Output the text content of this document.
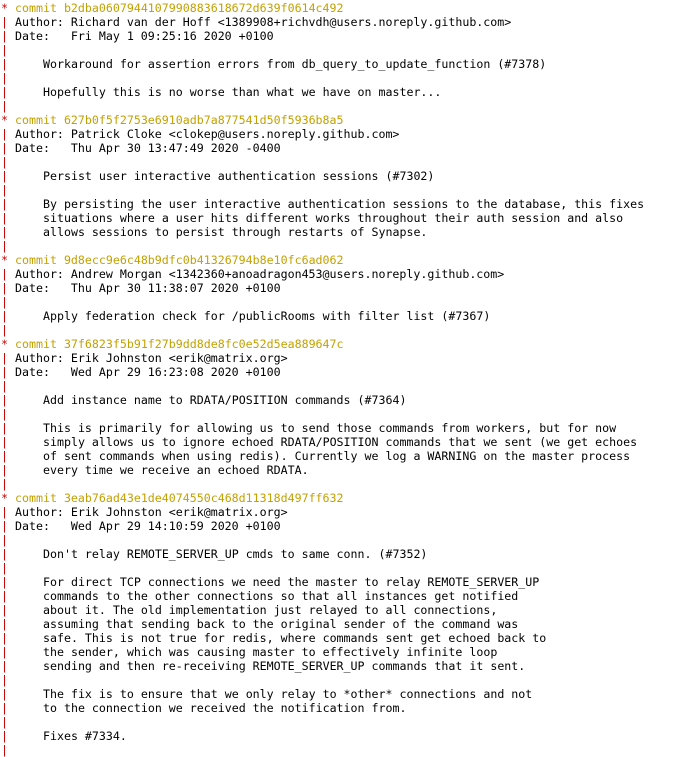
* commit b2dba0607944107990883618672d639f0614c492
| Author: Richard van der Hoff <1389908+richvdh@users.noreply.github.com>
| Date:   Fri May 1 09:25:16 2020 +0100
|
|	Workaround for assertion errors from db_query_to_update_function (#7378)
|
|	Hopefully this is no worse than what we have on master...
|
* commit 627b0f5f2753e6910adb7a877541d50f5936b8a5
| Author: Patrick Cloke <clokep@users.noreply.github.com>
| Date:   Thu Apr 30 13:47:49 2020 -0400
|
|	Persist user interactive authentication sessions (#7302)
|
|	By persisting the user interactive authentication sessions to the database, this fixes
|	situations where a user hits different works throughout their auth session and also
|	allows sessions to persist through restarts of Synapse.
|
* commit 9d8ecc9e6c48b9dfc0b41326794b8e10fc6ad062
| Author: Andrew Morgan <1342360+anoadragon453@users.noreply.github.com>
| Date:   Thu Apr 30 11:38:07 2020 +0100
|
|	Apply federation check for /publicRooms with filter list (#7367)
|
* commit 37f6823f5b91f27b9dd8de8fc0e52d5ea889647c
| Author: Erik Johnston <erik@matrix.org>
| Date:   Wed Apr 29 16:23:08 2020 +0100
|
|	Add instance name to RDATA/POSITION commands (#7364)
|
|	This is primarily for allowing us to send those commands from workers, but for now
|	simply allows us to ignore echoed RDATA/POSITION commands that we sent (we get echoes
|	of sent commands when using redis). Currently we log a WARNING on the master process
|	every time we receive an echoed RDATA.
|
* commit 3eab76ad43e1de4074550c468d11318d497ff632
| Author: Erik Johnston <erik@matrix.org>
| Date:   Wed Apr 29 14:10:59 2020 +0100
|
|	Don't relay REMOTE_SERVER_UP cmds to same conn. (#7352)
|
|	For direct TCP connections we need the master to relay REMOTE_SERVER_UP
|	commands to the other connections so that all instances get notified
|	about it. The old implementation just relayed to all connections,
|	assuming that sending back to the original sender of the command was
|	safe. This is not true for redis, where commands sent get echoed back to
|	the sender, which was causing master to effectively infinite loop
|	sending and then re-receiving REMOTE_SERVER_UP commands that it sent.
|
|	The fix is to ensure that we only relay to *other* connections and not
|	to the connection we received the notification from.
|
|	Fixes #7334.
|
